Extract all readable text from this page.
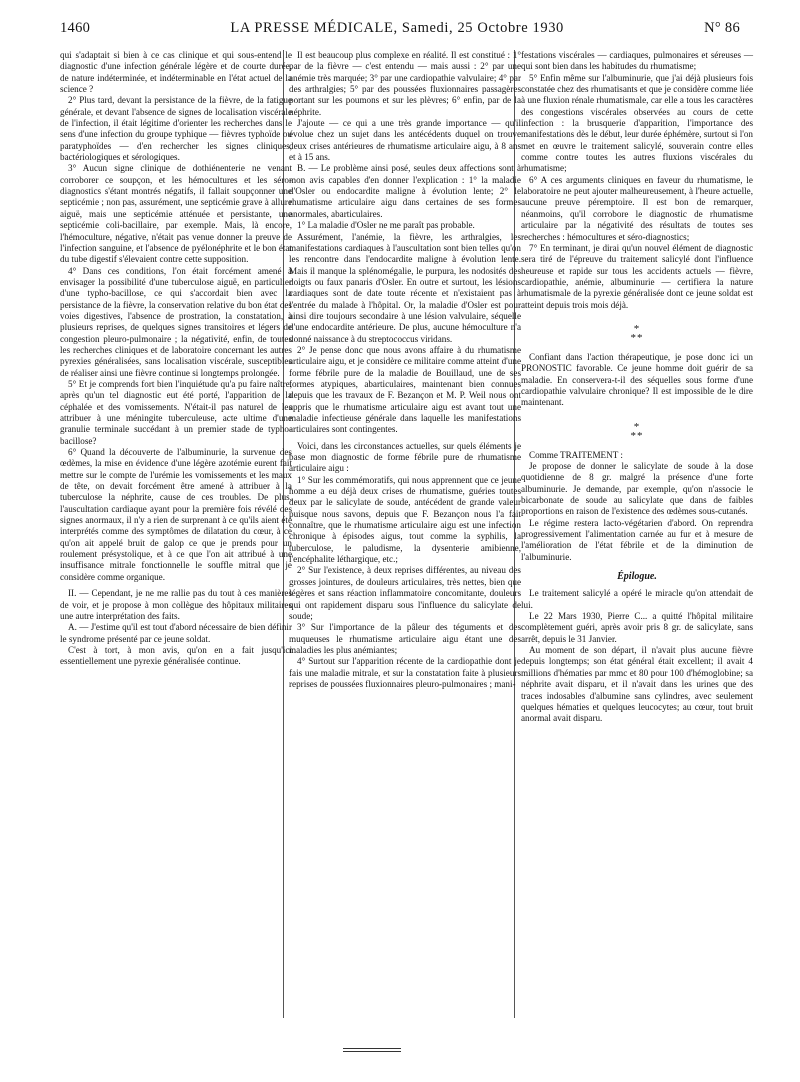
1460	LA PRESSE MÉDICALE, Samedi, 25 Octobre 1930	N° 86

qui s'adaptait si bien à ce cas clinique et qui sous-entend le diagnostic d'une infection générale légère et de courte durée, de nature indéterminée, et indéterminable en l'état actuel de la science ?

2° Plus tard, devant la persistance de la fièvre, de la fatigue générale, et devant l'absence de signes de localisation viscérale de l'infection, il était légitime d'orienter les recherches dans le sens d'une infection du groupe typhique — fièvres typhoïde ou paratyphoïdes — d'en rechercher les signes cliniques, bactériologiques et sérologiques.

3° Aucun signe clinique de dothiénenterie ne venant corroborer ce soupçon, et les hémocultures et les séro-diagnostics s'étant montrés négatifs, il fallait soupçonner une septicémie ; non pas, assurément, une septicémie grave à allure aiguë, mais une septicémie atténuée et persistante, une septicémie coli-bacillaire, par exemple. Mais, là encore, l'hémoculture, négative, n'était pas venue donner la preuve de l'infection sanguine, et l'absence de pyélonéphrite et le bon état du tube digestif s'élevaient contre cette supposition.

4° Dans ces conditions, l'on était forcément amené à envisager la possibilité d'une tuberculose aiguë, en particulier d'une typho-bacillose, ce qui s'accordait bien avec la persistance de la fièvre, la conservation relative du bon état des voies digestives, l'absence de prostration, la constatation, à plusieurs reprises, de quelques signes transitoires et légers de congestion pleuro-pulmonaire ; la négativité, enfin, de toutes les recherches cliniques et de laboratoire concernant les autres pyrexies généralisées, sans localisation viscérale, susceptibles de réaliser ainsi une fièvre continue si longtemps prolongée.

5° Et je comprends fort bien l'inquiétude qu'a pu faire naître, après qu'un tel diagnostic eut été porté, l'apparition de la céphalée et des vomissements. N'était-il pas naturel de les attribuer à une méningite tuberculeuse, acte ultime d'une granulie terminale succédant à un premier stade de typho-bacillose?

6° Quand la découverte de l'albuminurie, la survenue des œdèmes, la mise en évidence d'une légère azotémie eurent fait mettre sur le compte de l'urémie les vomissements et les maux de tête, on devait forcément être amené à attribuer à la tuberculose la néphrite, cause de ces troubles. De plus, l'auscultation cardiaque ayant pour la première fois révélé des signes anormaux, il n'y a rien de surprenant à ce qu'ils aient été interprétés comme des symptômes de dilatation du cœur, à ce qu'on ait appelé bruit de galop ce que je prends pour un roulement présystolique, et à ce que l'on ait attribué à une insuffisance mitrale fonctionnelle le souffle mitral que je considère comme organique.

II. — Cependant, je ne me rallie pas du tout à ces manières de voir, et je propose à mon collègue des hôpitaux militaires une autre interprétation des faits.

A. — J'estime qu'il est tout d'abord nécessaire de bien définir le syndrome présenté par ce jeune soldat.

C'est à tort, à mon avis, qu'on en a fait jusqu'ici essentiellement une pyrexie généralisée continue.

Il est beaucoup plus complexe en réalité. Il est constitué : 1° par de la fièvre — c'est entendu — mais aussi : 2° par une anémie très marquée; 3° par une cardiopathie valvulaire; 4° par des arthralgies; 5° par des poussées fluxionnaires passagères portant sur les poumons et sur les plèvres; 6° enfin, par de la néphrite.

J'ajoute — ce qui a une très grande importance — qu'il évolue chez un sujet dans les antécédents duquel on trouve deux crises antérieures de rhumatisme articulaire aigu, à 8 ans et à 15 ans.

B. — Le problème ainsi posé, seules deux affections sont à mon avis capables d'en donner l'explication : 1° la maladie d'Osler ou endocardite maligne à évolution lente; 2° le rhumatisme articulaire aigu dans certaines de ses formes anormales, abarticulaires.

1° La maladie d'Osler ne me paraît pas probable.

Assurément, l'anémie, la fièvre, les arthralgies, les manifestations cardiaques à l'auscultation sont bien telles qu'on les rencontre dans l'endocardite maligne à évolution lente. Mais il manque la splénomégalie, le purpura, les nodosités des doigts ou faux panaris d'Osler. En outre et surtout, les lésions cardiaques sont de date toute récente et n'existaient pas à l'entrée du malade à l'hôpital. Or, la maladie d'Osler est pour ainsi dire toujours secondaire à une lésion valvulaire, séquelle d'une endocardite antérieure. De plus, aucune hémoculture n'a donné naissance à du streptococcus viridans.

2° Je pense donc que nous avons affaire à du rhumatisme articulaire aigu, et je considère ce militaire comme atteint d'une forme fébrile pure de la maladie de Bouillaud, une de ses formes atypiques, abarticulaires, maintenant bien connues depuis que les travaux de F. Bezançon et M. P. Weil nous ont appris que le rhumatisme articulaire aigu est avant tout une maladie infectieuse générale dans laquelle les manifestations articulaires sont contingentes.

Voici, dans les circonstances actuelles, sur quels éléments je base mon diagnostic de forme fébrile pure de rhumatisme articulaire aigu :

1° Sur les commémoratifs, qui nous apprennent que ce jeune homme a eu déjà deux crises de rhumatisme, guéries toutes deux par le salicylate de soude, antécédent de grande valeur puisque nous savons, depuis que F. Bezançon nous l'a fait connaître, que le rhumatisme articulaire aigu est une infection chronique à épisodes aigus, tout comme la syphilis, la tuberculose, le paludisme, la dysenterie amibienne, l'encéphalite léthargique, etc.;

2° Sur l'existence, à deux reprises différentes, au niveau des grosses jointures, de douleurs articulaires, très nettes, bien que légères et sans réaction inflammatoire concomitante, douleurs qui ont rapidement disparu sous l'influence du salicylate de soude;

3° Sur l'importance de la pâleur des téguments et des muqueuses le rhumatisme articulaire aigu étant une des maladies les plus anémiantes;

4° Surtout sur l'apparition récente de la cardiopathie dont je fais une maladie mitrale, et sur la constatation faite à plusieurs reprises de poussées fluxionnaires pleuro-pulmonaires ; mani-

festations viscérales — cardiaques, pulmonaires et séreuses — qui sont bien dans les habitudes du rhumatisme;

5° Enfin même sur l'albuminurie, que j'ai déjà plusieurs fois constatée chez des rhumatisants et que je considère comme liée à une fluxion rénale rhumatismale, car elle a tous les caractères des congestions viscérales observées au cours de cette infection : la brusquerie d'apparition, l'importance des manifestations dès le début, leur durée éphémère, surtout si l'on met en œuvre le traitement salicylé, souverain contre elles comme contre toutes les autres fluxions viscérales du rhumatisme;

6° A ces arguments cliniques en faveur du rhumatisme, le laboratoire ne peut ajouter malheureusement, à l'heure actuelle, aucune preuve péremptoire. Il est bon de remarquer, néanmoins, qu'il corrobore le diagnostic de rhumatisme articulaire par la négativité des résultats de toutes ses recherches : hémocultures et séro-diagnostics;

7° En terminant, je dirai qu'un nouvel élément de diagnostic sera tiré de l'épreuve du traitement salicylé dont l'influence heureuse et rapide sur tous les accidents actuels — fièvre, cardiopathie, anémie, albuminurie — certifiera la nature rhumatismale de la pyrexie généralisée dont ce jeune soldat est atteint depuis trois mois déjà.

*
**

Confiant dans l'action thérapeutique, je pose donc ici un PRONOSTIC favorable. Ce jeune homme doit guérir de sa maladie. En conservera-t-il des séquelles sous forme d'une cardiopathie valvulaire chronique? Il est impossible de le dire maintenant.

*
**

Comme TRAITEMENT :

Je propose de donner le salicylate de soude à la dose quotidienne de 8 gr. malgré la présence d'une forte albuminurie. Je demande, par exemple, qu'on n'associe le bicarbonate de soude au salicylate que dans de faibles proportions en raison de l'existence des œdèmes sous-cutanés.

Le régime restera lacto-végétarien d'abord. On reprendra progressivement l'alimentation carnée au fur et à mesure de l'amélioration de l'état fébrile et de la diminution de l'albuminurie.

Épilogue.

Le traitement salicylé a opéré le miracle qu'on attendait de lui.

Le 22 Mars 1930, Pierre C... a quitté l'hôpital militaire complètement guéri, après avoir pris 8 gr. de salicylate, sans arrêt, depuis le 31 Janvier.

Au moment de son départ, il n'avait plus aucune fièvre depuis longtemps; son état général était excellent; il avait 4 millions d'hématies par mmc et 80 pour 100 d'hémoglobine; sa néphrite avait disparu, et il n'avait dans les urines que des traces indosables d'albumine sans cylindres, avec seulement quelques hématies et quelques leucocytes; au cœur, tout bruit anormal avait disparu.
